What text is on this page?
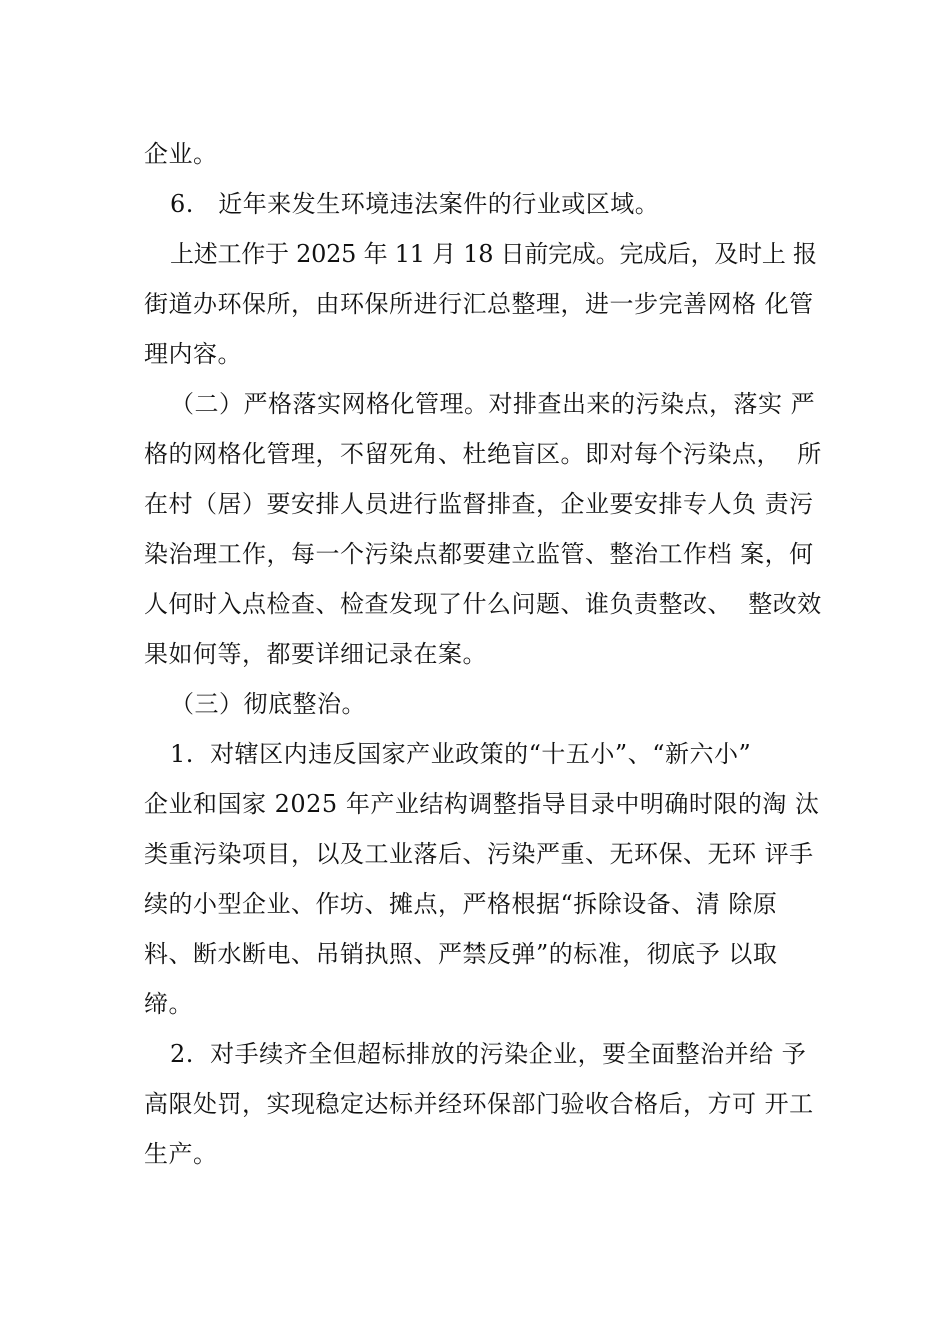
企业。
6.   近年来发生环境违法案件的行业或区域。
上述工作于 2025 年 11 月 18 日前完成。完成后，及时上 报
街道办环保所，由环保所进行汇总整理，进一步完善网格 化管
理内容。
（二）严格落实网格化管理。对排查出来的污染点，落实 严
格的网格化管理，不留死角、杜绝盲区。即对每个污染点，  所
在村（居）要安排人员进行监督排查，企业要安排专人负 责污
染治理工作，每一个污染点都要建立监管、整治工作档 案，何
人何时入点检查、检查发现了什么问题、谁负责整改、  整改效
果如何等，都要详细记录在案。
（三）彻底整治。
1.  对辖区内违反国家产业政策的“十五小”、“新六小”
企业和国家 2025 年产业结构调整指导目录中明确时限的淘 汰
类重污染项目，以及工业落后、污染严重、无环保、无环 评手
续的小型企业、作坊、摊点，严格根据“拆除设备、清 除原
料、断水断电、吊销执照、严禁反弹”的标准，彻底予 以取
缔。
2.  对手续齐全但超标排放的污染企业，要全面整治并给 予
高限处罚，实现稳定达标并经环保部门验收合格后，方可 开工
生产。
